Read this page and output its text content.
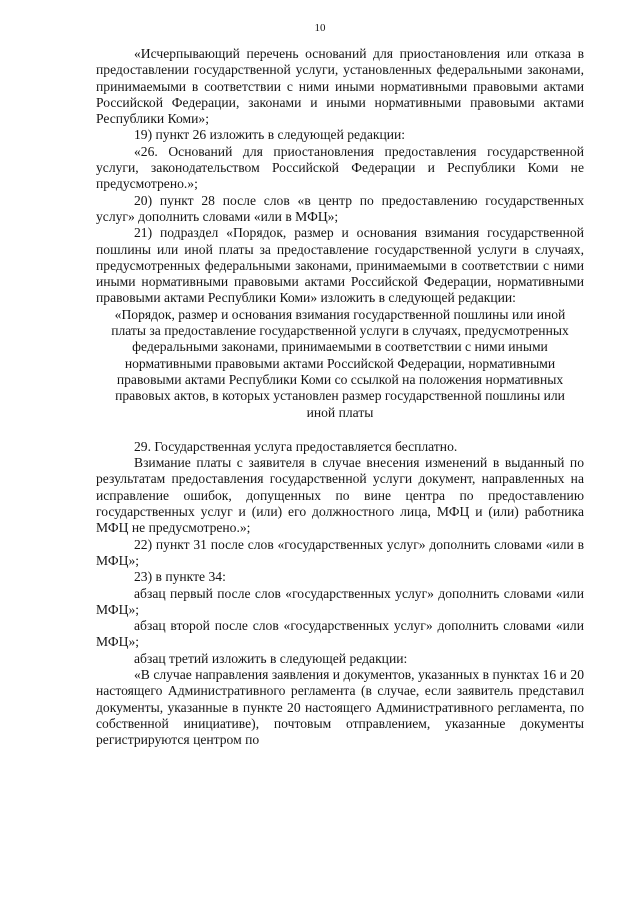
10

«Исчерпывающий перечень оснований для приостановления или отказа в предоставлении государственной услуги, установленных федеральными законами, принимаемыми в соответствии с ними иными нормативными правовыми актами Российской Федерации, законами и иными нормативными правовыми актами Республики Коми»;

19) пункт 26 изложить в следующей редакции:

«26. Оснований для приостановления предоставления государственной услуги, законодательством Российской Федерации и Республики Коми не предусмотрено.»;

20) пункт 28 после слов «в центр по предоставлению государственных услуг» дополнить словами «или в МФЦ»;

21) подраздел «Порядок, размер и основания взимания государственной пошлины или иной платы за предоставление государственной услуги в случаях, предусмотренных федеральными законами, принимаемыми в соответствии с ними иными нормативными правовыми актами Российской Федерации, нормативными правовыми актами Республики Коми» изложить в следующей редакции:

«Порядок, размер и основания взимания государственной пошлины или иной платы за предоставление государственной услуги в случаях, предусмотренных федеральными законами, принимаемыми в соответствии с ними иными нормативными правовыми актами Российской Федерации, нормативными правовыми актами Республики Коми со ссылкой на положения нормативных правовых актов, в которых установлен размер государственной пошлины или иной платы

29. Государственная услуга предоставляется бесплатно.

Взимание платы с заявителя в случае внесения изменений в выданный по результатам предоставления государственной услуги документ, направленных на исправление ошибок, допущенных по вине центра по предоставлению государственных услуг и (или) его должностного лица, МФЦ и (или) работника МФЦ не предусмотрено.»;

22) пункт 31 после слов «государственных услуг» дополнить словами «или в МФЦ»;

23) в пункте 34:

абзац первый после слов «государственных услуг» дополнить словами «или МФЦ»;

абзац второй после слов «государственных услуг» дополнить словами «или МФЦ»;

абзац третий изложить в следующей редакции:

«В случае направления заявления и документов, указанных в пунктах 16 и 20 настоящего Административного регламента (в случае, если заявитель представил документы, указанные в пункте 20 настоящего Административного регламента, по собственной инициативе), почтовым отправлением, указанные документы регистрируются центром по
